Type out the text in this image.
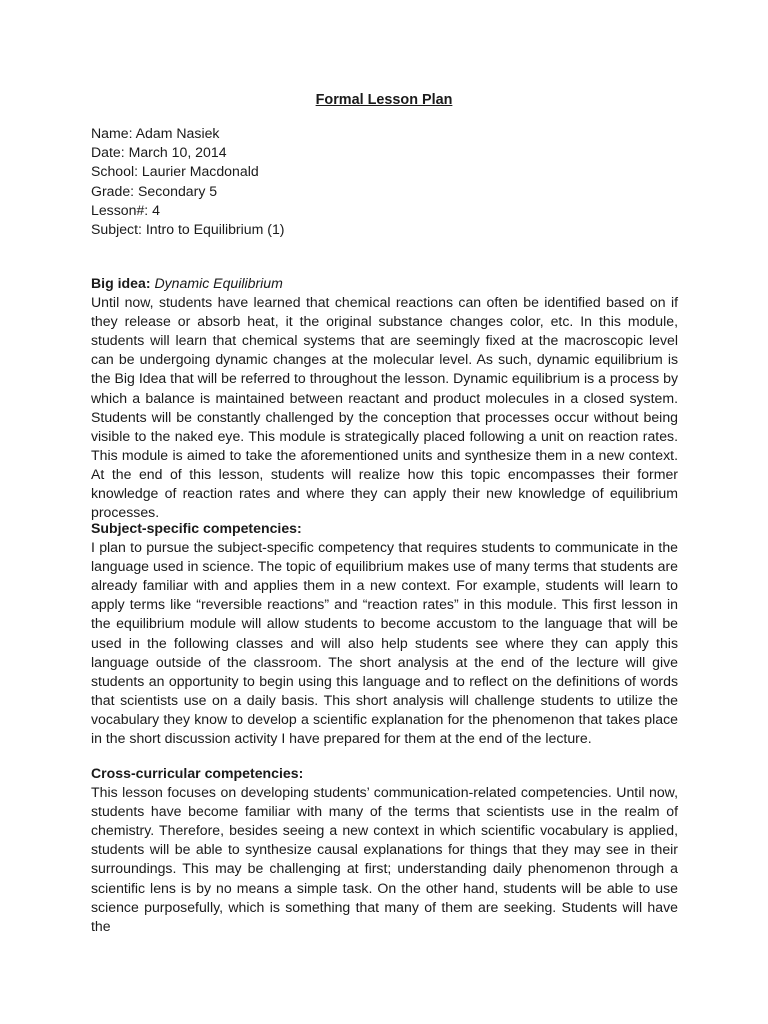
Formal Lesson Plan
Name: Adam Nasiek
Date: March 10, 2014
School: Laurier Macdonald
Grade: Secondary 5
Lesson#: 4
Subject: Intro to Equilibrium (1)
Big idea: Dynamic Equilibrium

Until now, students have learned that chemical reactions can often be identified based on if they release or absorb heat, it the original substance changes color, etc. In this module, students will learn that chemical systems that are seemingly fixed at the macroscopic level can be undergoing dynamic changes at the molecular level. As such, dynamic equilibrium is the Big Idea that will be referred to throughout the lesson. Dynamic equilibrium is a process by which a balance is maintained between reactant and product molecules in a closed system. Students will be constantly challenged by the conception that processes occur without being visible to the naked eye. This module is strategically placed following a unit on reaction rates. This module is aimed to take the aforementioned units and synthesize them in a new context. At the end of this lesson, students will realize how this topic encompasses their former knowledge of reaction rates and where they can apply their new knowledge of equilibrium processes.

Subject-specific competencies:

I plan to pursue the subject-specific competency that requires students to communicate in the language used in science. The topic of equilibrium makes use of many terms that students are already familiar with and applies them in a new context. For example, students will learn to apply terms like “reversible reactions” and “reaction rates” in this module. This first lesson in the equilibrium module will allow students to become accustom to the language that will be used in the following classes and will also help students see where they can apply this language outside of the classroom. The short analysis at the end of the lecture will give students an opportunity to begin using this language and to reflect on the definitions of words that scientists use on a daily basis. This short analysis will challenge students to utilize the vocabulary they know to develop a scientific explanation for the phenomenon that takes place in the short discussion activity I have prepared for them at the end of the lecture.

Cross-curricular competencies:

This lesson focuses on developing students’ communication-related competencies. Until now, students have become familiar with many of the terms that scientists use in the realm of chemistry. Therefore, besides seeing a new context in which scientific vocabulary is applied, students will be able to synthesize causal explanations for things that they may see in their surroundings. This may be challenging at first; understanding daily phenomenon through a scientific lens is by no means a simple task. On the other hand, students will be able to use science purposefully, which is something that many of them are seeking. Students will have the
